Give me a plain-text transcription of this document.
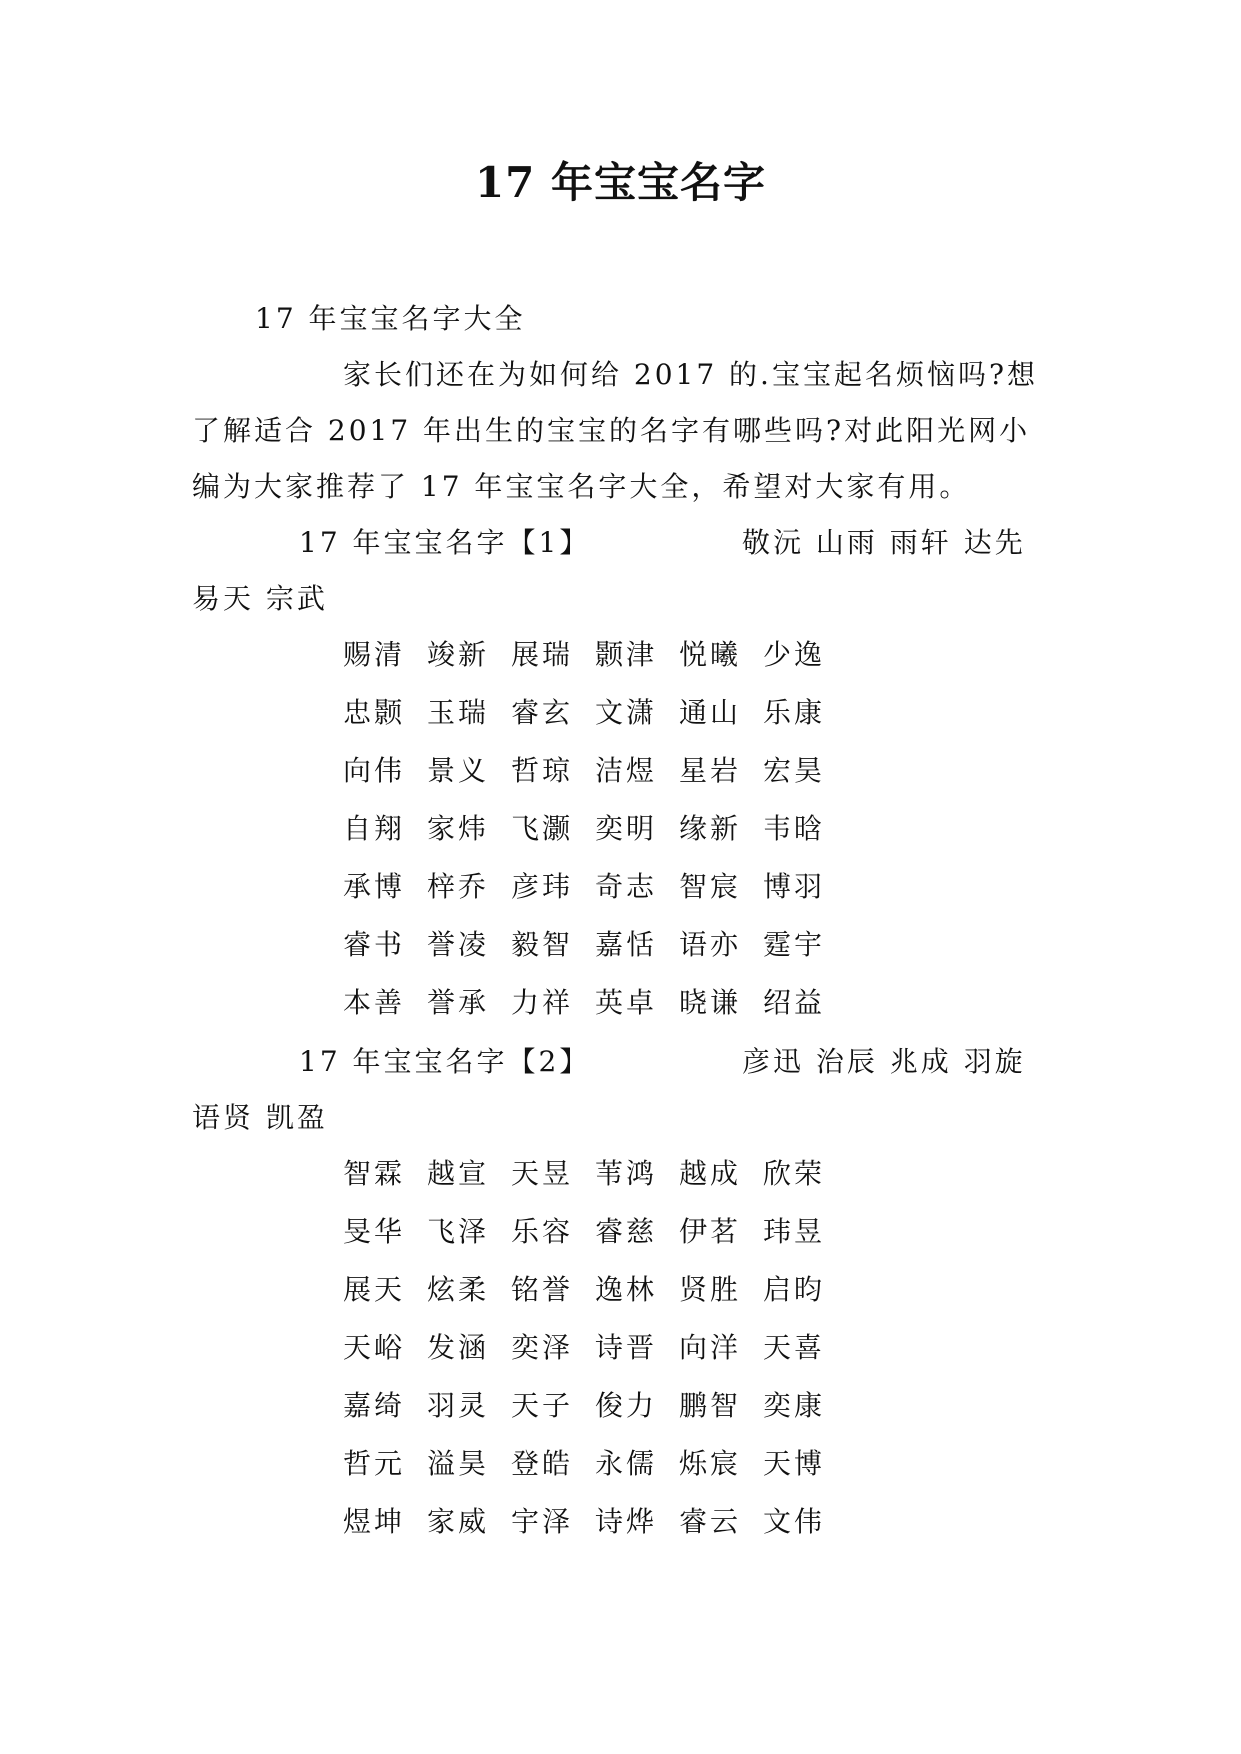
17 年宝宝名字
17 年宝宝名字大全
家长们还在为如何给 2017 的.宝宝起名烦恼吗?想
了解适合 2017 年出生的宝宝的名字有哪些吗?对此阳光网小
编为大家推荐了 17 年宝宝名字大全，希望对大家有用。
17 年宝宝名字【1】	敬沅 山雨 雨轩 达先
易天 宗武
赐清 竣新 展瑞 颢津 悦曦 少逸
忠颢 玉瑞 睿玄 文潇 通山 乐康
向伟 景义 哲琼 洁煜 星岩 宏昊
自翔 家炜 飞灏 奕明 缘新 韦晗
承博 梓乔 彦玮 奇志 智宸 博羽
睿书 誉凌 毅智 嘉恬 语亦 霆宇
本善 誉承 力祥 英卓 晓谦 绍益
17 年宝宝名字【2】	彦迅 治辰 兆成 羽旋
语贤 凯盈
智霖 越宣 天昱 苇鸿 越成 欣荣
旻华 飞泽 乐容 睿慈 伊茗 玮昱
展天 炫柔 铭誉 逸林 贤胜 启昀
天峪 发涵 奕泽 诗晋 向洋 天喜
嘉绮 羽灵 天子 俊力 鹏智 奕康
哲元 溢昊 登皓 永儒 烁宸 天博
煜坤 家威 宇泽 诗烨 睿云 文伟
